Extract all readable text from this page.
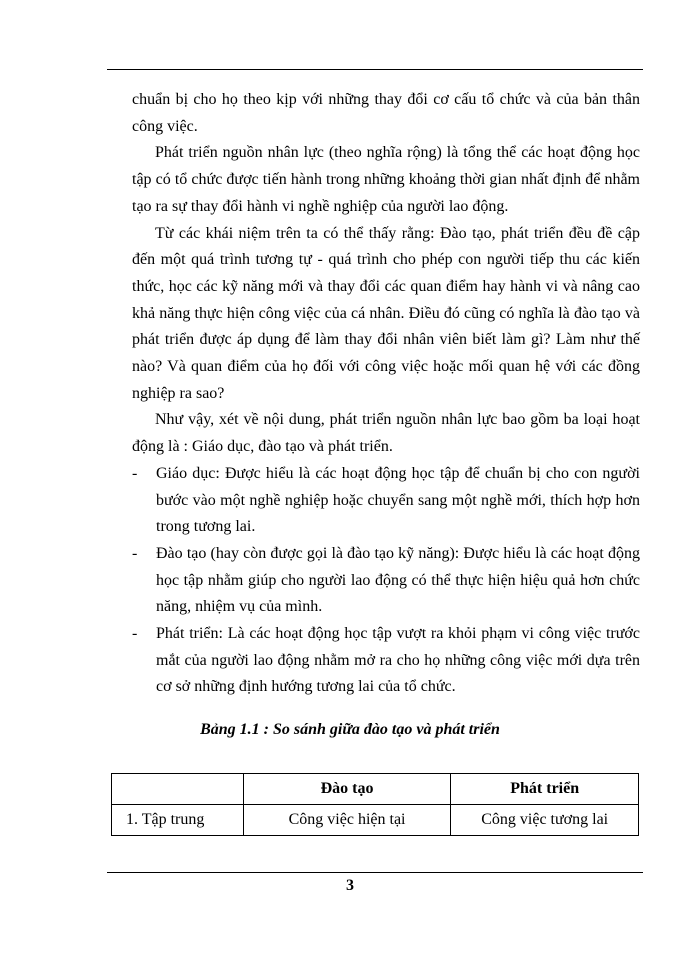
chuẩn bị cho họ theo kịp với những thay đổi cơ cấu tổ chức và của bản thân công việc.

Phát triển nguồn nhân lực (theo nghĩa rộng) là tổng thể các hoạt động học tập có tổ chức được tiến hành trong những khoảng thời gian nhất định để nhằm tạo ra sự thay đổi hành vi nghề nghiệp của người lao động.

Từ các khái niệm trên ta có thể thấy rằng: Đào tạo, phát triển đều đề cập đến một quá trình tương tự - quá trình cho phép con người tiếp thu các kiến thức, học các kỹ năng mới và thay đổi các quan điểm hay hành vi và nâng cao khả năng thực hiện công việc của cá nhân. Điều đó cũng có nghĩa là đào tạo và phát triển được áp dụng để làm thay đổi nhân viên biết làm gì? Làm như thế nào? Và quan điểm của họ đối với công việc hoặc mối quan hệ với các đồng nghiệp ra sao?

Như vậy, xét về nội dung, phát triển nguồn nhân lực bao gồm ba loại hoạt động là : Giáo dục, đào tạo và phát triển.

- Giáo dục: Được hiểu là các hoạt động học tập để chuẩn bị cho con người bước vào một nghề nghiệp hoặc chuyển sang một nghề mới, thích hợp hơn trong tương lai.
- Đào tạo (hay còn được gọi là đào tạo kỹ năng): Được hiểu là các hoạt động học tập nhằm giúp cho người lao động có thể thực hiện hiệu quả hơn chức năng, nhiệm vụ của mình.
- Phát triển: Là các hoạt động học tập vượt ra khỏi phạm vi công việc trước mắt của người lao động nhằm mở ra cho họ những công việc mới dựa trên cơ sở những định hướng tương lai của tổ chức.
Bảng 1.1 : So sánh giữa đào tạo và phát triển
	Đào tạo	Phát triển
1. Tập trung	Công việc hiện tại	Công việc tương lai
3
